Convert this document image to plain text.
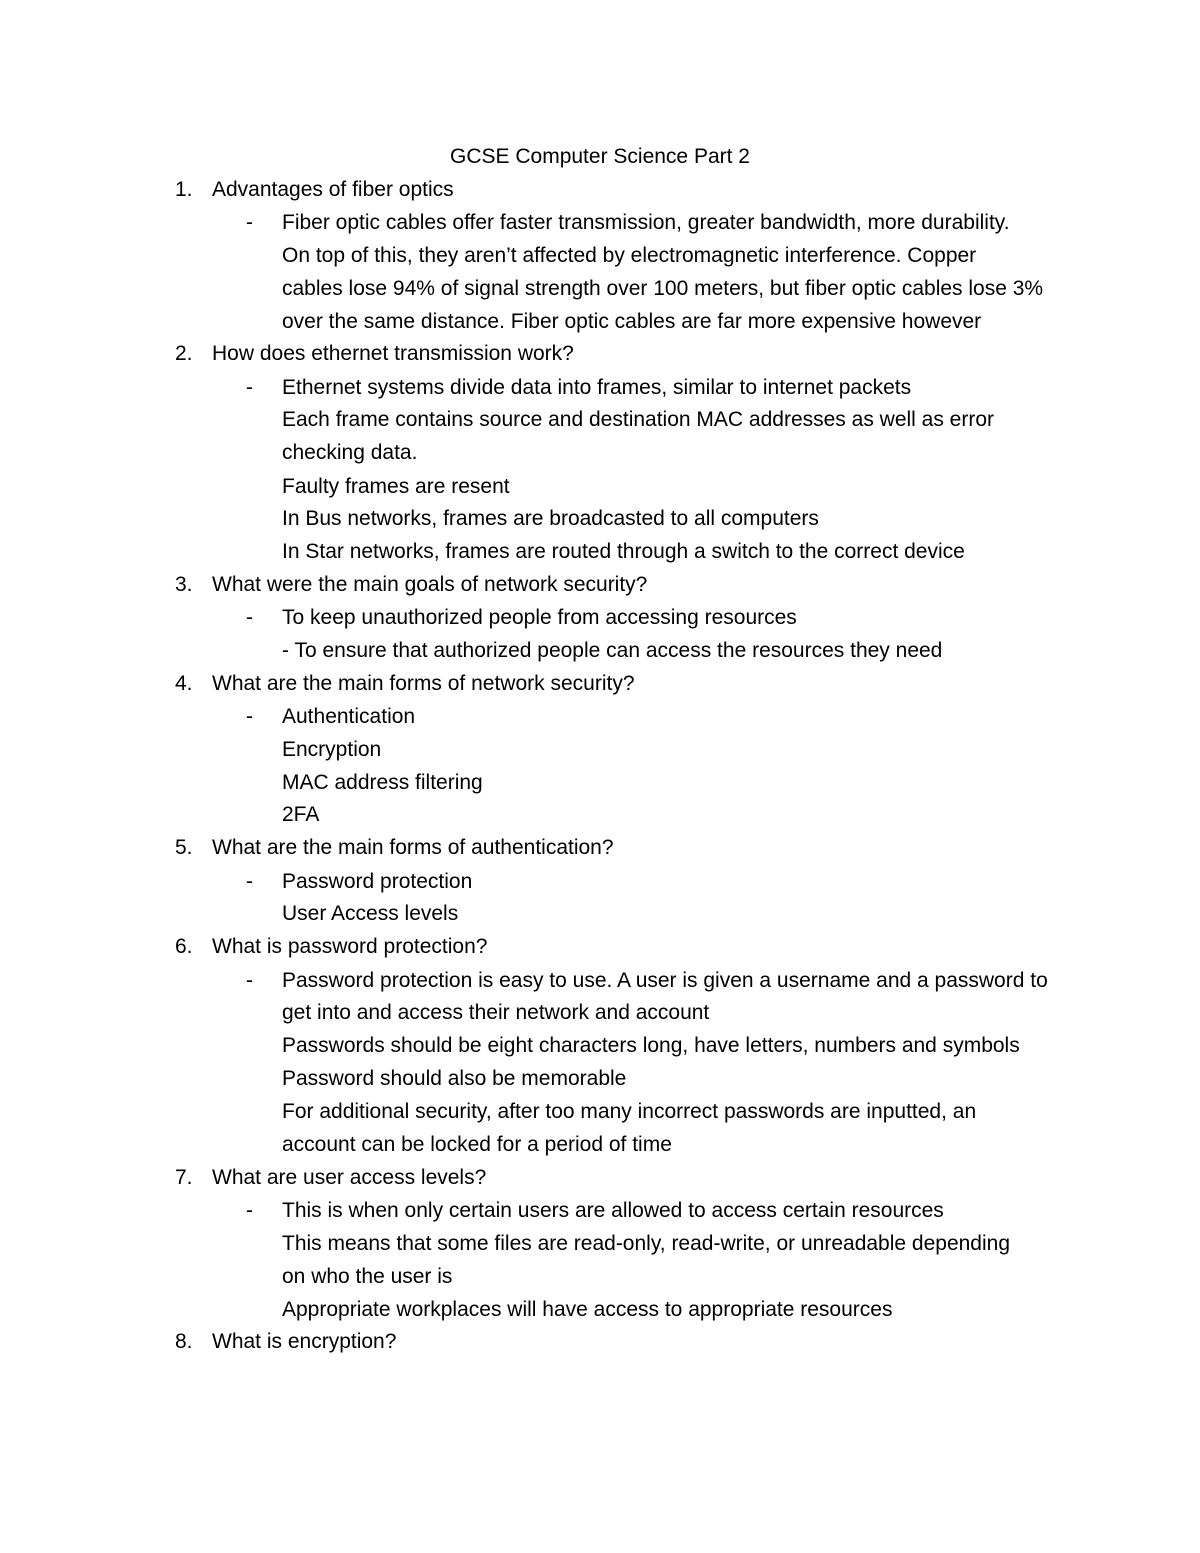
GCSE Computer Science Part 2
1. Advantages of fiber optics
- Fiber optic cables offer faster transmission, greater bandwidth, more durability.
On top of this, they aren’t affected by electromagnetic interference. Copper
cables lose 94% of signal strength over 100 meters, but fiber optic cables lose 3%
over the same distance. Fiber optic cables are far more expensive however
2. How does ethernet transmission work?
- Ethernet systems divide data into frames, similar to internet packets
Each frame contains source and destination MAC addresses as well as error
checking data.
Faulty frames are resent
In Bus networks, frames are broadcasted to all computers
In Star networks, frames are routed through a switch to the correct device
3. What were the main goals of network security?
- To keep unauthorized people from accessing resources
- To ensure that authorized people can access the resources they need
4. What are the main forms of network security?
- Authentication
Encryption
MAC address filtering
2FA
5. What are the main forms of authentication?
- Password protection
User Access levels
6. What is password protection?
- Password protection is easy to use. A user is given a username and a password to
get into and access their network and account
Passwords should be eight characters long, have letters, numbers and symbols
Password should also be memorable
For additional security, after too many incorrect passwords are inputted, an
account can be locked for a period of time
7. What are user access levels?
- This is when only certain users are allowed to access certain resources
This means that some files are read-only, read-write, or unreadable depending
on who the user is
Appropriate workplaces will have access to appropriate resources
8. What is encryption?
